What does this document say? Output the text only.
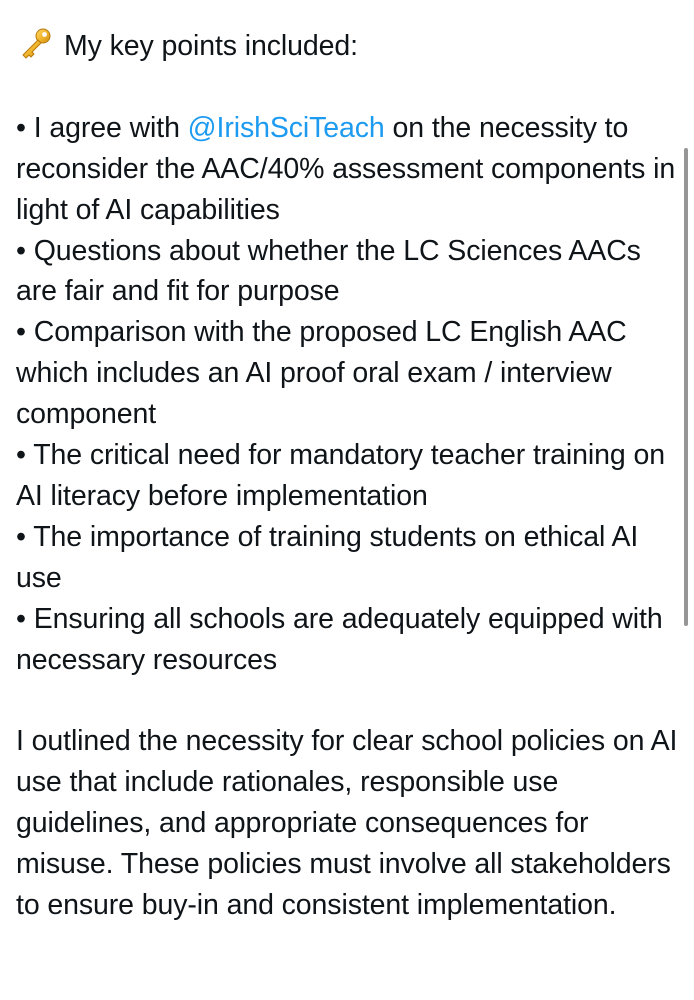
My key points included:
• I agree with @IrishSciTeach on the necessity to reconsider the AAC/40% assessment components in light of AI capabilities
• Questions about whether the LC Sciences AACs are fair and fit for purpose
• Comparison with the proposed LC English AAC which includes an AI proof oral exam / interview component
• The critical need for mandatory teacher training on AI literacy before implementation
• The importance of training students on ethical AI use
• Ensuring all schools are adequately equipped with necessary resources
I outlined the necessity for clear school policies on AI use that include rationales, responsible use guidelines, and appropriate consequences for misuse. These policies must involve all stakeholders to ensure buy-in and consistent implementation.
